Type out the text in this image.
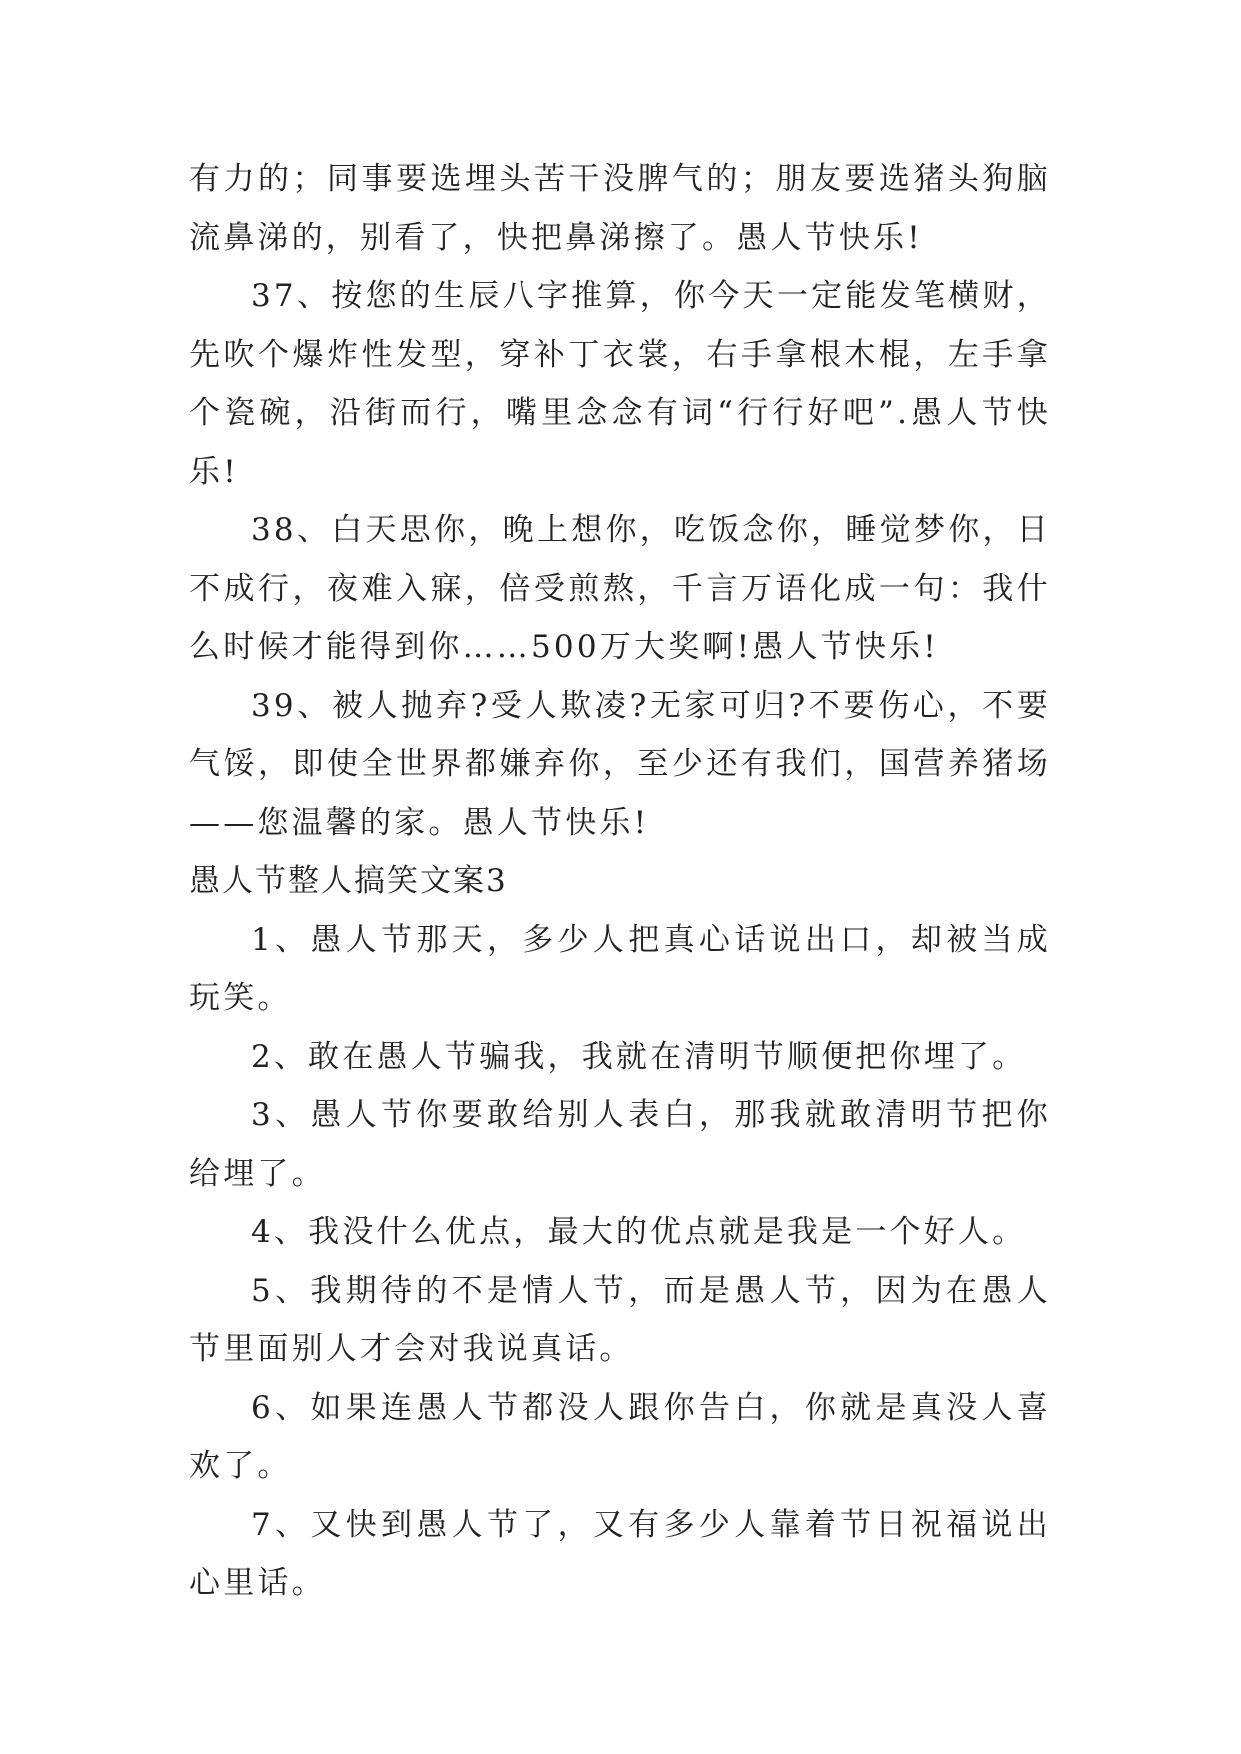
有力的；同事要选埋头苦干没脾气的；朋友要选猪头狗脑流鼻涕的，别看了，快把鼻涕擦了。愚人节快乐!

37、按您的生辰八字推算，你今天一定能发笔横财，先吹个爆炸性发型，穿补丁衣裳，右手拿根木棍，左手拿个瓷碗，沿街而行，嘴里念念有词“行行好吧”.愚人节快乐!

38、白天思你，晚上想你，吃饭念你，睡觉梦你，日不成行，夜难入寐，倍受煎熬，千言万语化成一句：我什么时候才能得到你……500万大奖啊!愚人节快乐!

39、被人抛弃?受人欺凌?无家可归?不要伤心，不要气馁，即使全世界都嫌弃你，至少还有我们，国营养猪场——您温馨的家。愚人节快乐!

愚人节整人搞笑文案3

1、愚人节那天，多少人把真心话说出口，却被当成玩笑。

2、敢在愚人节骗我，我就在清明节顺便把你埋了。

3、愚人节你要敢给别人表白，那我就敢清明节把你给埋了。

4、我没什么优点，最大的优点就是我是一个好人。

5、我期待的不是情人节，而是愚人节，因为在愚人节里面别人才会对我说真话。

6、如果连愚人节都没人跟你告白，你就是真没人喜欢了。

7、又快到愚人节了，又有多少人靠着节日祝福说出心里话。
